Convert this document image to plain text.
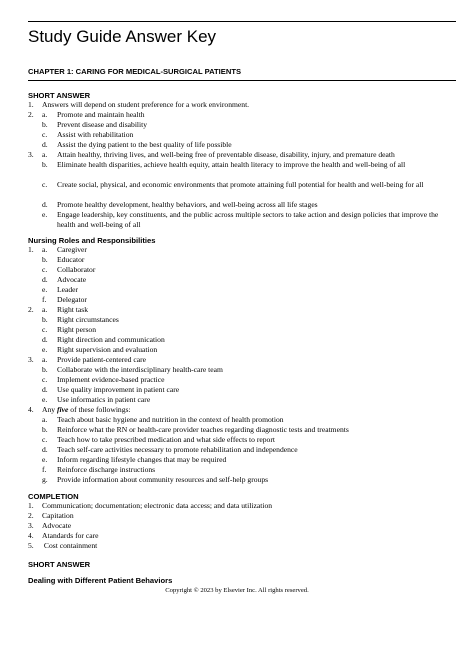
Study Guide Answer Key
CHAPTER 1: CARING FOR MEDICAL-SURGICAL PATIENTS
SHORT ANSWER
1. Answers will depend on student preference for a work environment.
2. a. Promote and maintain health
b. Prevent disease and disability
c. Assist with rehabilitation
d. Assist the dying patient to the best quality of life possible
3. a. Attain healthy, thriving lives, and well-being free of preventable disease, disability, injury, and premature death
b. Eliminate health disparities, achieve health equity, attain health literacy to improve the health and well-being of all
c. Create social, physical, and economic environments that promote attaining full potential for health and well-being for all
d. Promote healthy development, healthy behaviors, and well-being across all life stages
e. Engage leadership, key constituents, and the public across multiple sectors to take action and design policies that improve the health and well-being of all
Nursing Roles and Responsibilities
1. a. Caregiver
b. Educator
c. Collaborator
d. Advocate
e. Leader
f. Delegator
2. a. Right task
b. Right circumstances
c. Right person
d. Right direction and communication
e. Right supervision and evaluation
3. a. Provide patient-centered care
b. Collaborate with the interdisciplinary health-care team
c. Implement evidence-based practice
d. Use quality improvement in patient care
e. Use informatics in patient care
4. Any five of these followings:
a. Teach about basic hygiene and nutrition in the context of health promotion
b. Reinforce what the RN or health-care provider teaches regarding diagnostic tests and treatments
c. Teach how to take prescribed medication and what side effects to report
d. Teach self-care activities necessary to promote rehabilitation and independence
e. Inform regarding lifestyle changes that may be required
f. Reinforce discharge instructions
g. Provide information about community resources and self-help groups
COMPLETION
1. Communication; documentation; electronic data access; and data utilization
2. Capitation
3. Advocate
4. Atandards for care
5. Cost containment
SHORT ANSWER
Dealing with Different Patient Behaviors
Copyright © 2023 by Elsevier Inc. All rights reserved.
